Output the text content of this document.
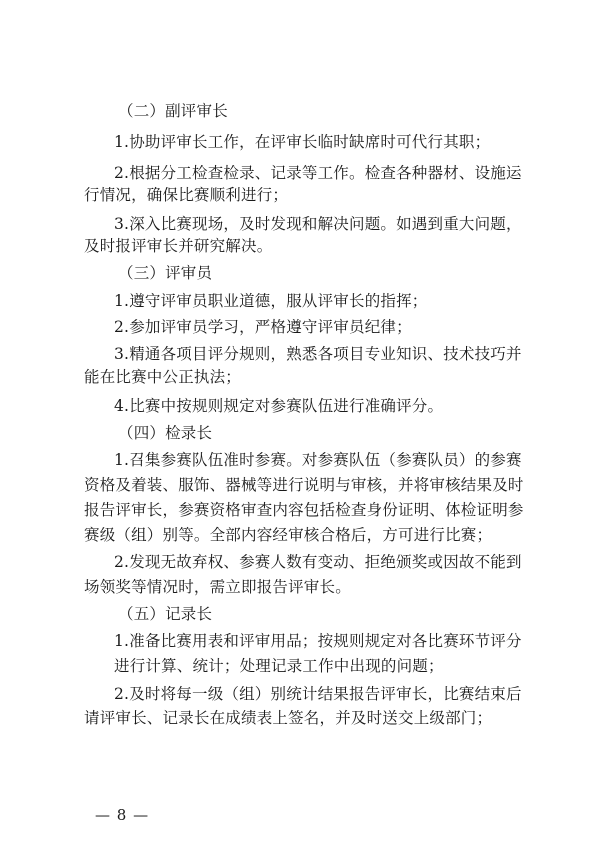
（二）副评审长
1.协助评审长工作，在评审长临时缺席时可代行其职；
2.根据分工检查检录、记录等工作。检查各种器材、设施运
行情况，确保比赛顺利进行；
3.深入比赛现场，及时发现和解决问题。如遇到重大问题，
及时报评审长并研究解决。
（三）评审员
1.遵守评审员职业道德，服从评审长的指挥；
2.参加评审员学习，严格遵守评审员纪律；
3.精通各项目评分规则，熟悉各项目专业知识、技术技巧并
能在比赛中公正执法；
4.比赛中按规则规定对参赛队伍进行准确评分。
（四）检录长
1.召集参赛队伍准时参赛。对参赛队伍（参赛队员）的参赛
资格及着装、服饰、器械等进行说明与审核，并将审核结果及时
报告评审长，参赛资格审查内容包括检查身份证明、体检证明参
赛级（组）别等。全部内容经审核合格后，方可进行比赛；
2.发现无故弃权、参赛人数有变动、拒绝颁奖或因故不能到
场领奖等情况时，需立即报告评审长。
（五）记录长
1.准备比赛用表和评审用品；按规则规定对各比赛环节评分
进行计算、统计；处理记录工作中出现的问题；
2.及时将每一级（组）别统计结果报告评审长，比赛结束后
请评审长、记录长在成绩表上签名，并及时送交上级部门；
— 8 —
